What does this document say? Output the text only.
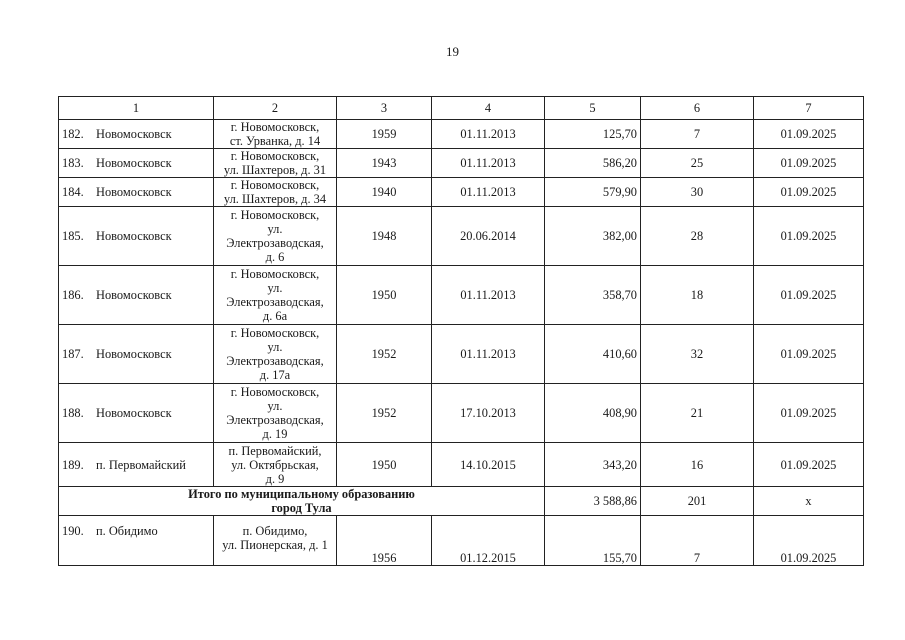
19
1	2	3	4	5	6	7
182. Новомосковск	г. Новомосковск,
ст. Урванка, д. 14	1959	01.11.2013	125,70	7	01.09.2025
183. Новомосковск	г. Новомосковск,
ул. Шахтеров, д. 31	1943	01.11.2013	586,20	25	01.09.2025
184. Новомосковск	г. Новомосковск,
ул. Шахтеров, д. 34	1940	01.11.2013	579,90	30	01.09.2025
185. Новомосковск	г. Новомосковск,
ул.
Электрозаводская,
д. 6	1948	20.06.2014	382,00	28	01.09.2025
186. Новомосковск	г. Новомосковск,
ул.
Электрозаводская,
д. 6а	1950	01.11.2013	358,70	18	01.09.2025
187. Новомосковск	г. Новомосковск,
ул.
Электрозаводская,
д. 17а	1952	01.11.2013	410,60	32	01.09.2025
188. Новомосковск	г. Новомосковск,
ул.
Электрозаводская,
д. 19	1952	17.10.2013	408,90	21	01.09.2025
189. п. Первомайский	п. Первомайский,
ул. Октябрьская,
д. 9	1950	14.10.2015	343,20	16	01.09.2025

Итого по муниципальному образованию
город Тула				3 588,86	201	х
190. п. Обидимо	п. Обидимо,
ул. Пионерская, д. 1	1956	01.12.2015	155,70	7	01.09.2025
